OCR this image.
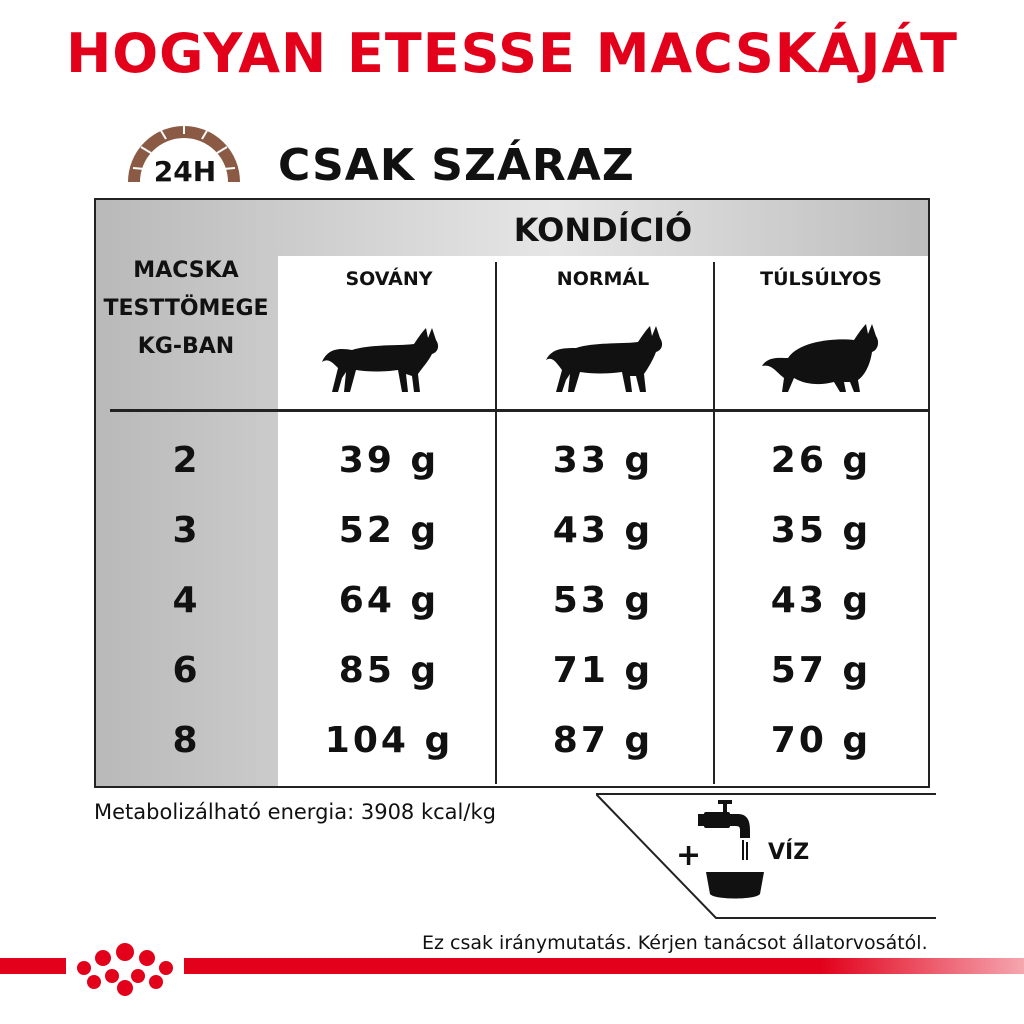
HOGYAN ETESSE MACSKÁJÁT
24H CSAK SZÁRAZ
KONDÍCIÓ
MACSKA
TESTTÖMEGE
KG-BAN
SOVÁNY	NORMÁL	TÚLSÚLYOS
2	39 g	33 g	26 g
3	52 g	43 g	35 g
4	64 g	53 g	43 g
6	85 g	71 g	57 g
8	104 g	87 g	70 g
Metabolizálható energia: 3908 kcal/kg
+	VÍZ
Ez csak iránymutatás. Kérjen tanácsot állatorvosától.
